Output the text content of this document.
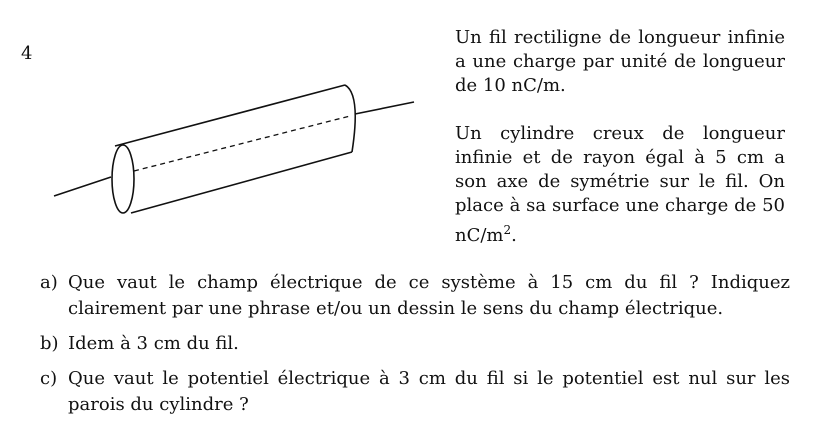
4

Un fil rectiligne de longueur infinie a une charge par unité de longueur de 10 nC/m.

Un cylindre creux de longueur infinie et de rayon égal à 5 cm a son axe de symétrie sur le fil. On place à sa surface une charge de 50 $nC/m^2$.

a) Que vaut le champ électrique de ce système à 15 cm du fil ? Indiquez clairement par une phrase et/ou un dessin le sens du champ électrique.
b) Idem à 3 cm du fil.
c) Que vaut le potentiel électrique à 3 cm du fil si le potentiel est nul sur les parois du cylindre ?
